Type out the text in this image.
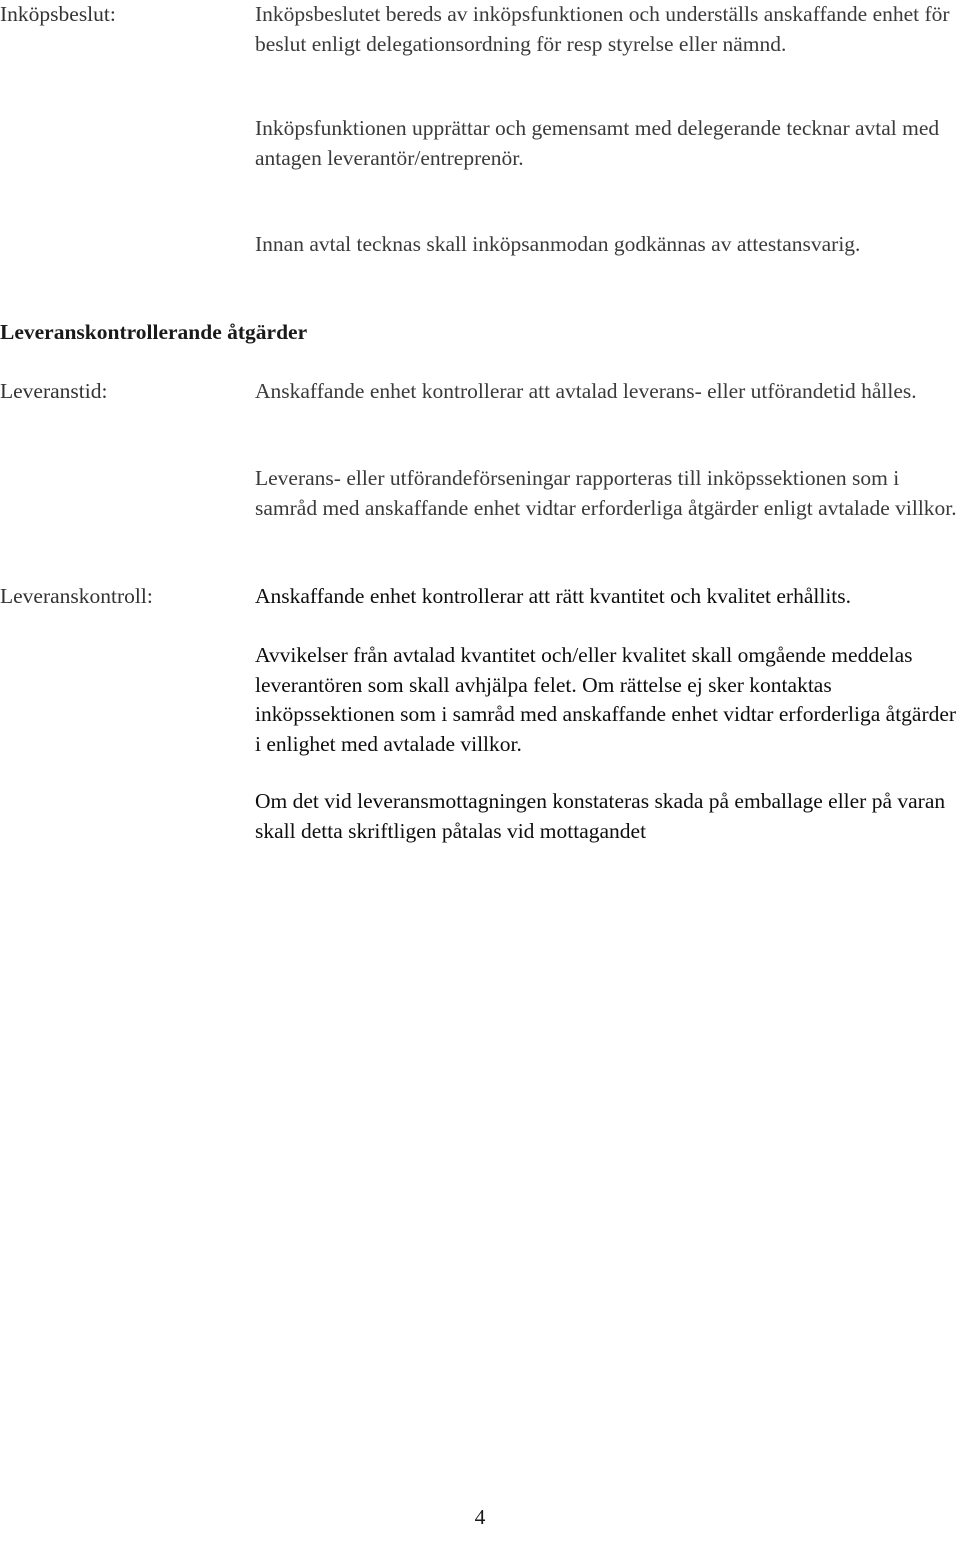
Inköpsbeslut:	Inköpsbeslutet bereds av inköpsfunktionen och underställs anskaffande enhet för beslut enligt delegationsordning för resp styrelse eller nämnd.

Inköpsfunktionen upprättar och gemensamt med delegerande tecknar avtal med antagen leverantör/entreprenör.

Innan avtal tecknas skall inköpsanmodan godkännas av attestansvarig.

Leveranskontrollerande åtgärder
Leveranstid:	Anskaffande enhet kontrollerar att avtalad leverans- eller utförandetid hålles.

Leverans- eller utförandeförseningar rapporteras till inköpssektionen som i samråd med anskaffande enhet vidtar erforderliga åtgärder enligt avtalade villkor.

Leveranskontroll:	Anskaffande enhet kontrollerar att rätt kvantitet och kvalitet erhållits.

Avvikelser från avtalad kvantitet och/eller kvalitet skall omgående meddelas leverantören som skall avhjälpa felet. Om rättelse ej sker kontaktas inköpssektionen som i samråd med anskaffande enhet vidtar erforderliga åtgärder i enlighet med avtalade villkor.

Om det vid leveransmottagningen konstateras skada på emballage eller på varan skall detta skriftligen påtalas vid mottagandet

4
